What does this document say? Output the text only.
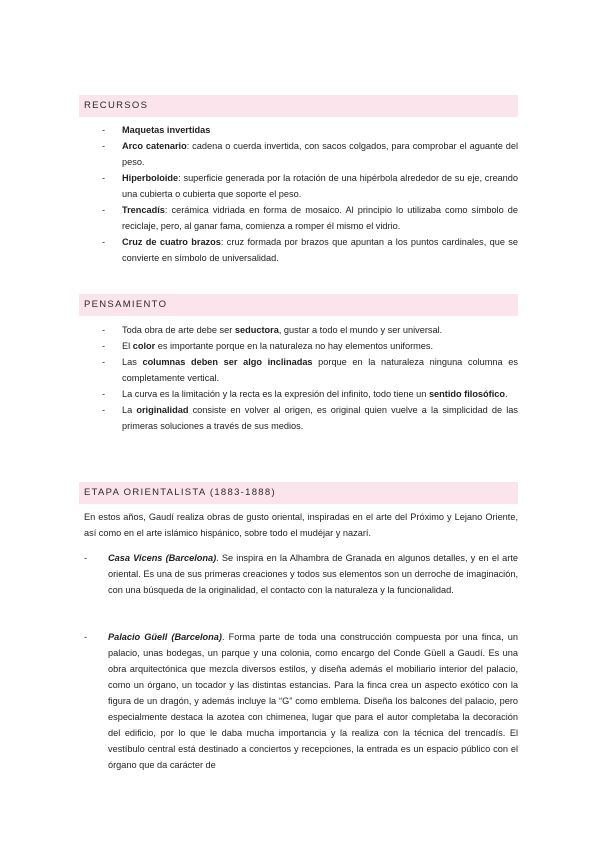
RECURSOS
- Maquetas invertidas
- Arco catenario: cadena o cuerda invertida, con sacos colgados, para comprobar el aguante del peso.
- Hiperboloide: superficie generada por la rotación de una hipérbola alrededor de su eje, creando una cubierta o cubierta que soporte el peso.
- Trencadís: cerámica vidriada en forma de mosaico. Al principio lo utilizaba como símbolo de reciclaje, pero, al ganar fama, comienza a romper él mismo el vidrio.
- Cruz de cuatro brazos: cruz formada por brazos que apuntan a los puntos cardinales, que se convierte en símbolo de universalidad.
PENSAMIENTO
- Toda obra de arte debe ser seductora, gustar a todo el mundo y ser universal.
- El color es importante porque en la naturaleza no hay elementos uniformes.
- Las columnas deben ser algo inclinadas porque en la naturaleza ninguna columna es completamente vertical.
- La curva es la limitación y la recta es la expresión del infinito, todo tiene un sentido filosófico.
- La originalidad consiste en volver al origen, es original quien vuelve a la simplicidad de las primeras soluciones a través de sus medios.
ETAPA ORIENTALISTA (1883-1888)

En estos años, Gaudí realiza obras de gusto oriental, inspiradas en el arte del Próximo y Lejano Oriente, así como en el arte islámico hispánico, sobre todo el mudéjar y nazarí.

- Casa Vicens (Barcelona). Se inspira en la Alhambra de Granada en algunos detalles, y en el arte oriental. Es una de sus primeras creaciones y todos sus elementos son un derroche de imaginación, con una búsqueda de la originalidad, el contacto con la naturaleza y la funcionalidad.
- Palacio Güell (Barcelona). Forma parte de toda una construcción compuesta por una finca, un palacio, unas bodegas, un parque y una colonia, como encargo del Conde Güell a Gaudí. Es una obra arquitectónica que mezcla diversos estilos, y diseña además el mobiliario interior del palacio, como un órgano, un tocador y las distintas estancias. Para la finca crea un aspecto exótico con la figura de un dragón, y además incluye la “G” como emblema. Diseña los balcones del palacio, pero especialmente destaca la azotea con chimenea, lugar que para el autor completaba la decoración del edificio, por lo que le daba mucha importancia y la realiza con la técnica del trencadís. El vestíbulo central está destinado a conciertos y recepciones, la entrada es un espacio público con el órgano que da carácter de
